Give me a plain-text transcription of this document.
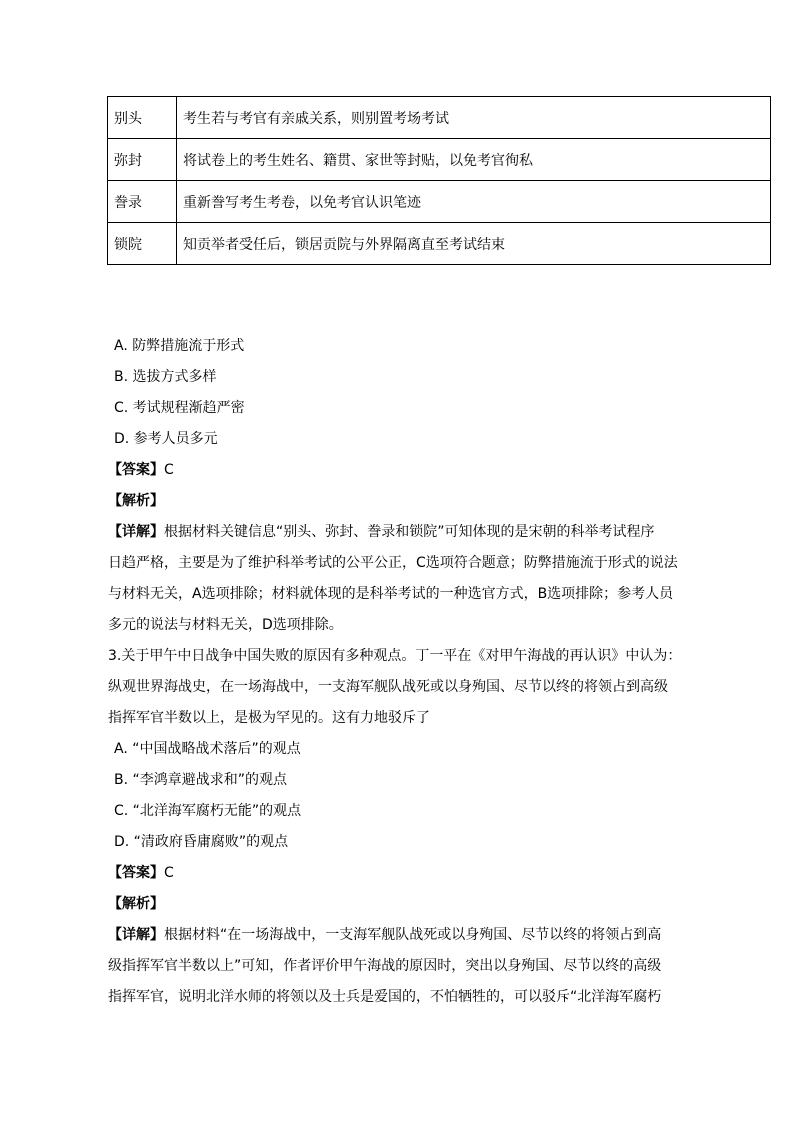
别头	考生若与考官有亲戚关系，则别置考场考试
弥封	将试卷上的考生姓名、籍贯、家世等封贴，以免考官徇私
誊录	重新誊写考生考卷，以免考官认识笔迹
锁院	知贡举者受任后，锁居贡院与外界隔离直至考试结束
A. 防弊措施流于形式
B. 选拔方式多样
C. 考试规程渐趋严密
D. 参考人员多元
【答案】C
【解析】
【详解】根据材料关键信息“别头、弥封、誊录和锁院”可知体现的是宋朝的科举考试程序
日趋严格，主要是为了维护科举考试的公平公正，C选项符合题意；防弊措施流于形式的说法
与材料无关，A选项排除；材料就体现的是科举考试的一种选官方式，B选项排除；参考人员
多元的说法与材料无关，D选项排除。
3.关于甲午中日战争中国失败的原因有多种观点。丁一平在《对甲午海战的再认识》中认为：
纵观世界海战史，在一场海战中，一支海军舰队战死或以身殉国、尽节以终的将领占到高级
指挥军官半数以上，是极为罕见的。这有力地驳斥了
A. “中国战略战术落后”的观点
B. “李鸿章避战求和”的观点
C. “北洋海军腐朽无能”的观点
D. “清政府昏庸腐败”的观点
【答案】C
【解析】
【详解】根据材料“在一场海战中，一支海军舰队战死或以身殉国、尽节以终的将领占到高
级指挥军官半数以上”可知，作者评价甲午海战的原因时，突出以身殉国、尽节以终的高级
指挥军官，说明北洋水师的将领以及士兵是爱国的，不怕牺牲的，可以驳斥“北洋海军腐朽
